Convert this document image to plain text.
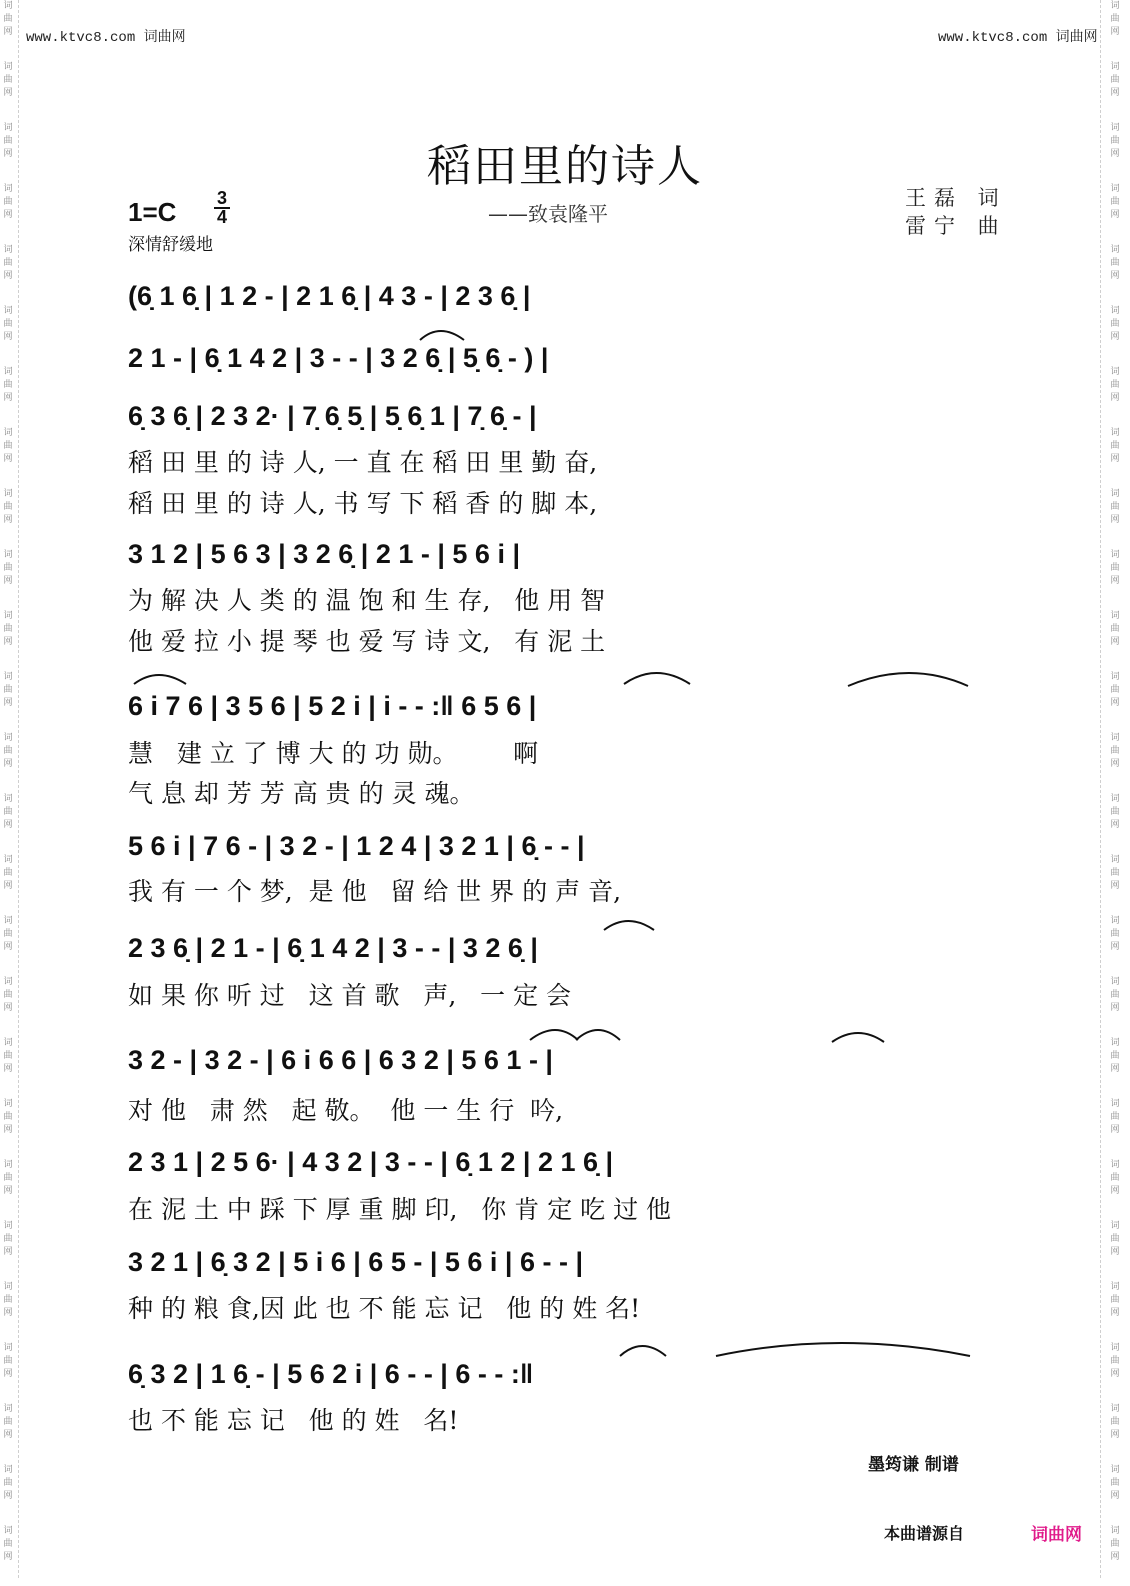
词
曲
网
词
曲
网
词
曲
网
词
曲
网
词
曲
网
词
曲
网
词
曲
网
词
曲
网
词
曲
网
词
曲
网
词
曲
网
词
曲
网
词
曲
网
词
曲
网
词
曲
网
词
曲
网
词
曲
网
词
曲
网
词
曲
网
词
曲
网
词
曲
网
词
曲
网
词
曲
网
词
曲
网
词
曲
网
词
曲
网
词
曲
网
词
曲
网
词
曲
网
词
曲
网
词
曲
网
词
曲
网
词
曲
网
词
曲
网
词
曲
网
词
曲
网
词
曲
网
词
曲
网
词
曲
网
词
曲
网
词
曲
网
词
曲
网
词
曲
网
词
曲
网
词
曲
网
词
曲
网
词
曲
网
词
曲
网
词
曲
网
词
曲
网
词
曲
网
词
曲
网
www.ktvc8.com 词曲网	www.ktvc8.com 词曲网
稻田里的诗人
——致袁隆平
王磊 词
雷宁 曲
1=C 3
4
深情舒缓地
(6̣ 1 6̣ | 1 2 - | 2 1 6̣ | 4 3 - | 2 3 6̣ |
2 1 - | 6̣ 1 4 2 | 3 - - | 3 2 6̣ | 5̣ 6̣ - ) |
6̣ 3 6̣ | 2 3 2· | 7̣ 6̣ 5̣ | 5̣ 6̣ 1 | 7̣ 6̣ - |
稻 田 里 的 诗 人, 一 直 在 稻 田 里 勤 奋,
稻 田 里 的 诗 人, 书 写 下 稻 香 的 脚 本,
3 1 2 | 5 6 3 | 3 2 6̣ | 2 1 - | 5 6 i |
为 解 决 人 类 的 温 饱 和 生 存,   他 用 智
他 爱 拉 小 提 琴 也 爱 写 诗 文,   有 泥 土
6 i 7 6 | 3 5 6 | 5 2 i | i - - :‖ 6 5 6 |
慧   建 立 了 博 大 的 功 勋。       啊
气 息 却 芳 芳 高 贵 的 灵 魂。
5 6 i | 7 6 - | 3 2 - | 1 2 4 | 3 2 1 | 6̣ - - |
我 有 一 个 梦,  是 他   留 给 世 界 的 声 音,
2 3 6̣ | 2 1 - | 6̣ 1 4 2 | 3 - - | 3 2 6̣ |
如 果 你 听 过   这 首 歌   声,   一 定 会
3 2 - | 3 2 - | 6 i 6 6 | 6 3 2 | 5 6 1 - |
对 他   肃 然   起 敬。  他 一 生 行  吟,
2 3 1 | 2 5 6· | 4 3 2 | 3 - - | 6̣ 1 2 | 2 1 6̣ |
在 泥 土 中 踩 下 厚 重 脚 印,   你 肯 定 吃 过 他
3 2 1 | 6̣ 3 2 | 5 i 6 | 6 5 - | 5 6 i | 6 - - |
种 的 粮 食,因 此 也 不 能 忘 记   他 的 姓 名!
6̣ 3 2 | 1 6̣ - | 5 6 2 i | 6 - - | 6 - - :‖
也 不 能 忘 记   他 的 姓   名!
墨筠谦 制谱
本曲谱源自	词曲网
